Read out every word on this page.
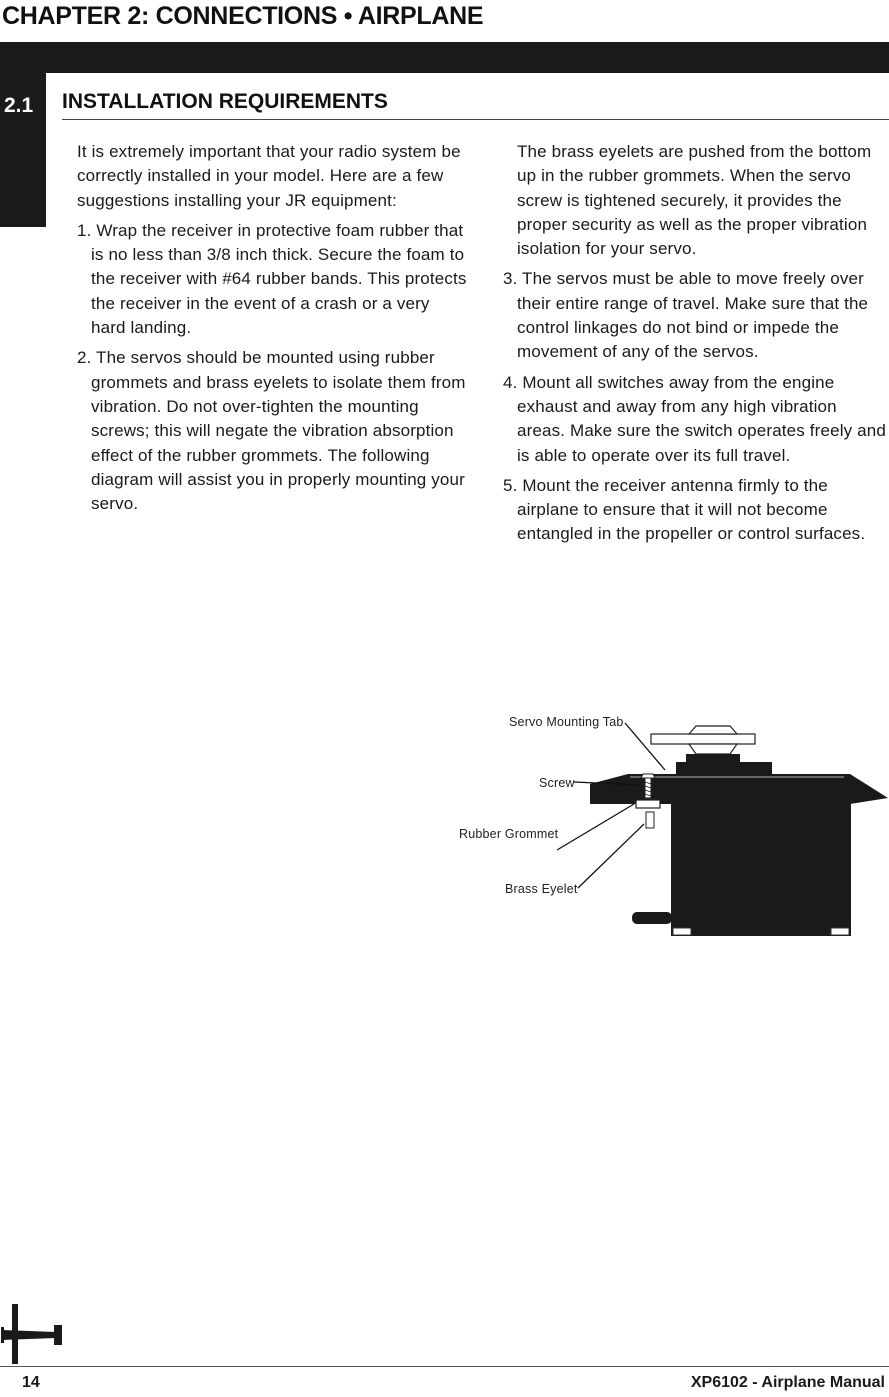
CHAPTER 2: CONNECTIONS • AIRPLANE
2.1 INSTALLATION REQUIREMENTS

It is extremely important that your radio system be correctly installed in your model. Here are a few suggestions installing your JR equipment:

1. Wrap the receiver in protective foam rubber that is no less than 3/8 inch thick. Secure the foam to the receiver with #64 rubber bands. This protects the receiver in the event of a crash or a very hard landing.
2. The servos should be mounted using rubber grommets and brass eyelets to isolate them from vibration. Do not over-tighten the mounting screws; this will negate the vibration absorption effect of the rubber grommets. The following diagram will assist you in properly mounting your servo.

The brass eyelets are pushed from the bottom up in the rubber grommets. When the servo screw is tightened securely, it provides the proper security as well as the proper vibration isolation for your servo.

3. The servos must be able to move freely over their entire range of travel. Make sure that the control linkages do not bind or impede the movement of any of the servos.
4. Mount all switches away from the engine exhaust and away from any high vibration areas. Make sure the switch operates freely and is able to operate over its full travel.
5. Mount the receiver antenna firmly to the airplane to ensure that it will not become entangled in the propeller or control surfaces.
Servo Mounting Tab
Screw
Rubber Grommet
Brass Eyelet
14	XP6102 - Airplane Manual
